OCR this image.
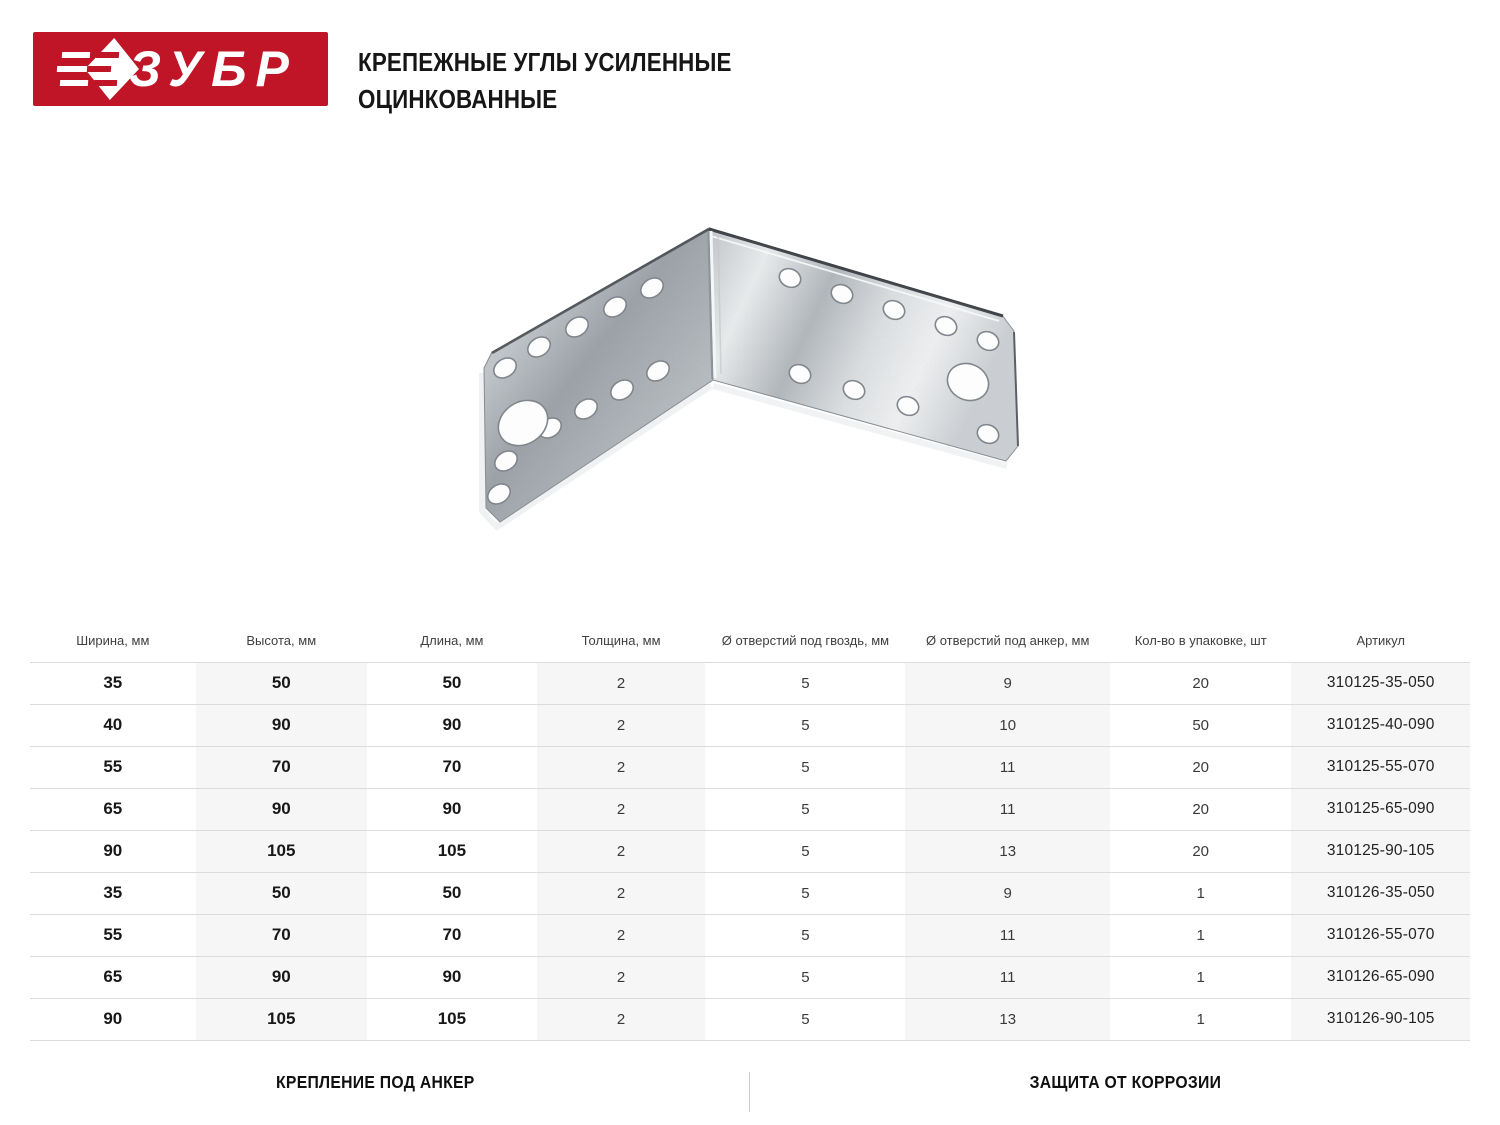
ЗУБР КРЕПЕЖНЫЕ УГЛЫ УСИЛЕННЫЕ
ОЦИНКОВАННЫЕ
Ширина, мм	Высота, мм	Длина, мм	Толщина, мм	Ø отверстий под гвоздь, мм	Ø отверстий под анкер, мм	Кол-во в упаковке, шт	Артикул
35	50	50	2	5	9	20	310125-35-050
40	90	90	2	5	10	50	310125-40-090
55	70	70	2	5	11	20	310125-55-070
65	90	90	2	5	11	20	310125-65-090
90	105	105	2	5	13	20	310125-90-105
35	50	50	2	5	9	1	310126-35-050
55	70	70	2	5	11	1	310126-55-070
65	90	90	2	5	11	1	310126-65-090
90	105	105	2	5	13	1	310126-90-105
КРЕПЛЕНИЕ ПОД АНКЕР	ЗАЩИТА ОТ КОРРОЗИИ
